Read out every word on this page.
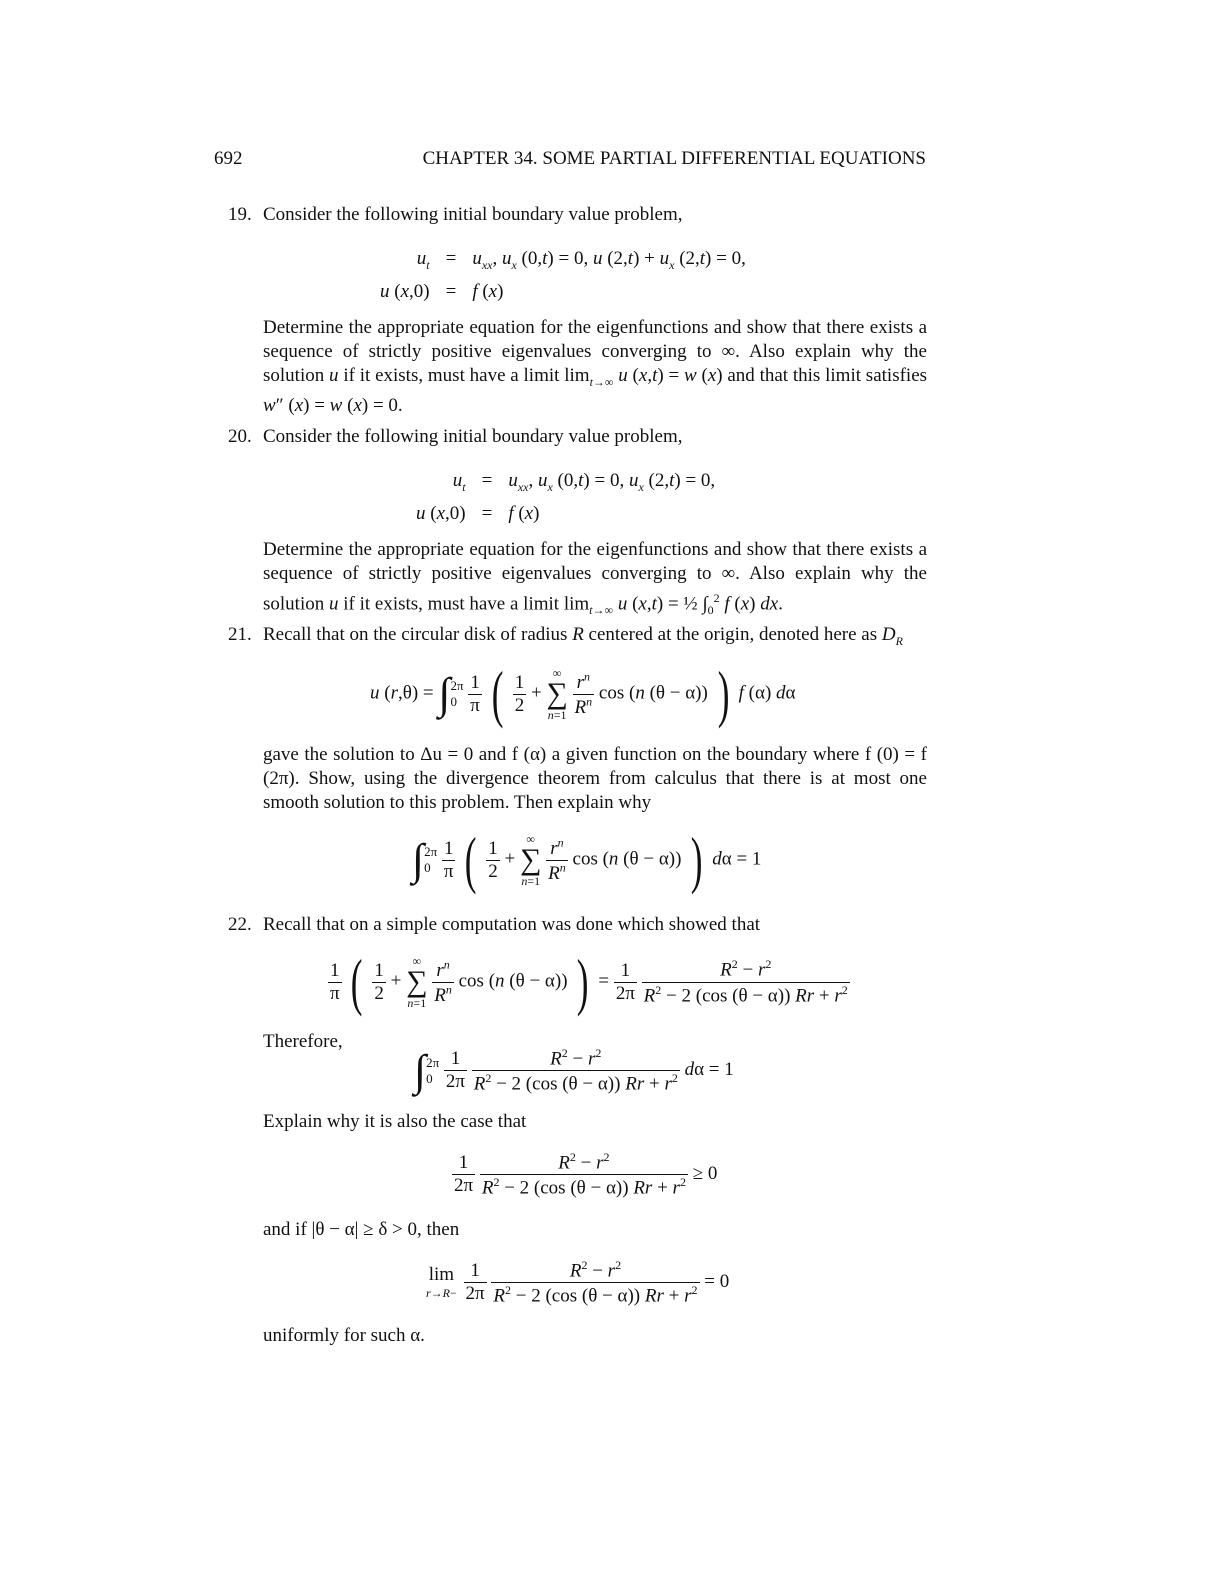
692	CHAPTER 34. SOME PARTIAL DIFFERENTIAL EQUATIONS
19. Consider the following initial boundary value problem,
$u_t$	=	$u_{xx}$, $u_x$ (0,t) = 0, u $(2,t) + u_x$ (2,t) = 0,
u (x,0)	=	f (x)
Determine the appropriate equation for the eigenfunctions and show that there exists a sequence of strictly positive eigenvalues converging to ∞. Also explain why the solution u if it exists, must have a limit $\lim_{t\to\infty} u$ (x,t) = w (x) and that this limit satisfies w″ (x) = w (x) = 0.
20. Consider the following initial boundary value problem,
$u_t$	=	$u_{xx}$, $u_x$ (0,t) = 0, $u_x$ (2,t) = 0,
u (x,0)	=	f (x)
Determine the appropriate equation for the eigenfunctions and show that there exists a sequence of strictly positive eigenvalues converging to ∞. Also explain why the solution u if it exists, must have a limit $\lim_{t\to\infty} u$ (x,t) = ½ $\int_0^2$ f (x) dx.
21. Recall that on the circular disk of radius R centered at the origin, denoted here as $D_R$
u (r,θ) = ∫2π
$0 \frac{1}{\pi}$ ( $\frac{1}{2}$ +
∞
∑
n=1
$\frac{r^n}{R^n}$ cos (n (θ − α)) ) f (α) dα
gave the solution to Δu = 0 and f (α) a given function on the boundary where f (0) = f (2π). Show, using the divergence theorem from calculus that there is at most one smooth solution to this problem. Then explain why
∫2π
$0 \frac{1}{\pi}$ ( $\frac{1}{2}$ +
∞
∑
n=1
$\frac{r^n}{R^n}$ cos (n (θ − α)) ) dα = 1
22. Recall that on a simple computation was done which showed that
$\frac{1}{\pi}$ ( $\frac{1}{2}$ +
∞
∑
n=1
$\frac{r^n}{R^n}$ cos (n (θ − α)) ) = $\frac{1}{2\pi}$
$\frac{R^2 - r^2}{R^2 - 2 (\cos (\theta - \alpha)) Rr + r^2}$
Therefore,
∫2π
$0 \frac{1}{2\pi}$
$\frac{R^2 - r^2}{R^2 - 2 (\cos (\theta - \alpha)) Rr + r^2}$ dα = 1
Explain why it is also the case that
$\frac{1}{2\pi}$
$\frac{R^2 - r^2}{R^2 - 2 (\cos (\theta - \alpha)) Rr + r^2} \ge 0$
and if |θ − α| ≥ δ > 0, then
lim
r→R−
$\frac{1}{2\pi}$
$\frac{R^2 - r^2}{R^2 - 2 (\cos (\theta - \alpha)) Rr + r^2} = 0$
uniformly for such α.
